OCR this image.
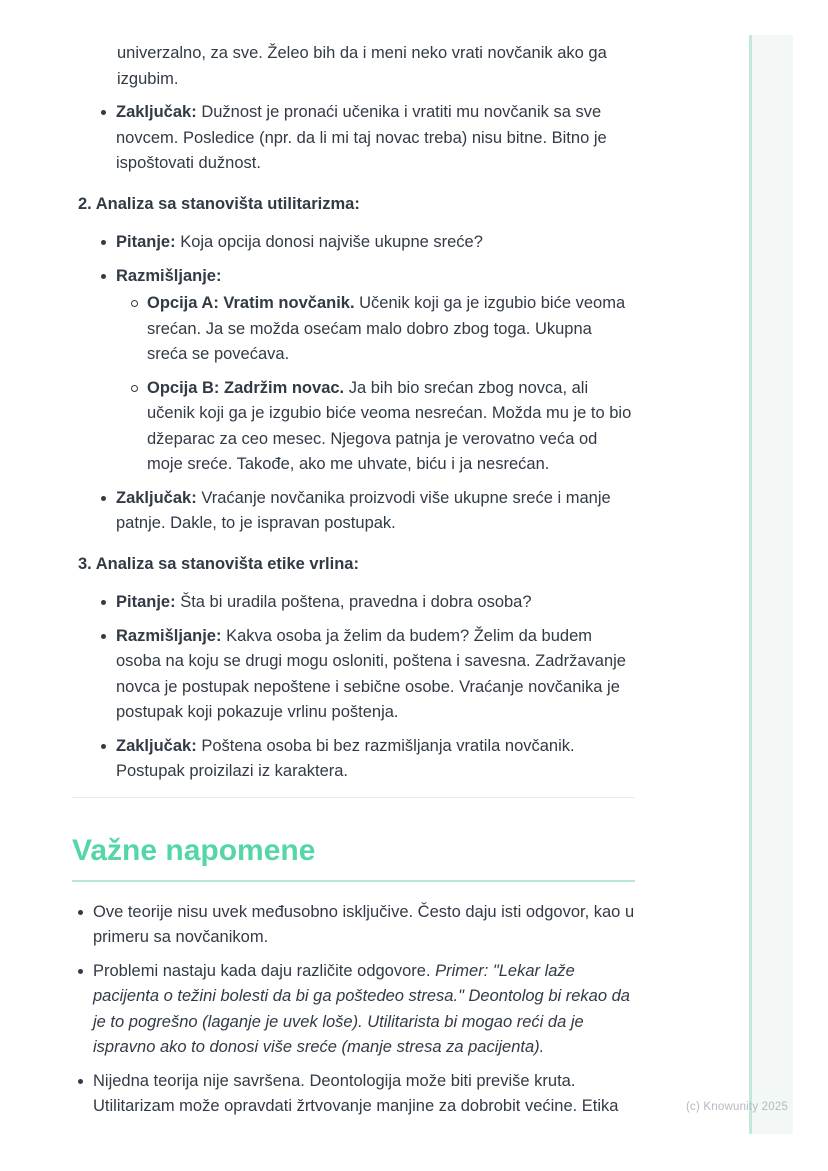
univerzalno, za sve. Želeo bih da i meni neko vrati novčanik ako ga izgubim.

Zaključak: Dužnost je pronaći učenika i vratiti mu novčanik sa sve novcem. Posledice (npr. da li mi taj novac treba) nisu bitne. Bitno je ispoštovati dužnost.

2. Analiza sa stanovišta utilitarizma:

Pitanje: Koja opcija donosi najviše ukupne sreće?

Razmišljanje:

Opcija A: Vratim novčanik. Učenik koji ga je izgubio biće veoma srećan. Ja se možda osećam malo dobro zbog toga. Ukupna sreća se povećava.

Opcija B: Zadržim novac. Ja bih bio srećan zbog novca, ali učenik koji ga je izgubio biće veoma nesrećan. Možda mu je to bio džeparac za ceo mesec. Njegova patnja je verovatno veća od moje sreće. Takođe, ako me uhvate, biću i ja nesrećan.

Zaključak: Vraćanje novčanika proizvodi više ukupne sreće i manje patnje. Dakle, to je ispravan postupak.

3. Analiza sa stanovišta etike vrlina:

Pitanje: Šta bi uradila poštena, pravedna i dobra osoba?

Razmišljanje: Kakva osoba ja želim da budem? Želim da budem osoba na koju se drugi mogu osloniti, poštena i savesna. Zadržavanje novca je postupak nepoštene i sebične osobe. Vraćanje novčanika je postupak koji pokazuje vrlinu poštenja.

Zaključak: Poštena osoba bi bez razmišljanja vratila novčanik. Postupak proizilazi iz karaktera.

Važne napomene

Ove teorije nisu uvek međusobno isključive. Često daju isti odgovor, kao u primeru sa novčanikom.

Problemi nastaju kada daju različite odgovore. Primer: "Lekar laže pacijenta o težini bolesti da bi ga poštedeo stresa." Deontolog bi rekao da je to pogrešno (laganje je uvek loše). Utilitarista bi mogao reći da je ispravno ako to donosi više sreće (manje stresa za pacijenta).

Nijedna teorija nije savršena. Deontologija može biti previše kruta. Utilitarizam može opravdati žrtvovanje manjine za dobrobit većine. Etika	(c) Knowunity 2025
